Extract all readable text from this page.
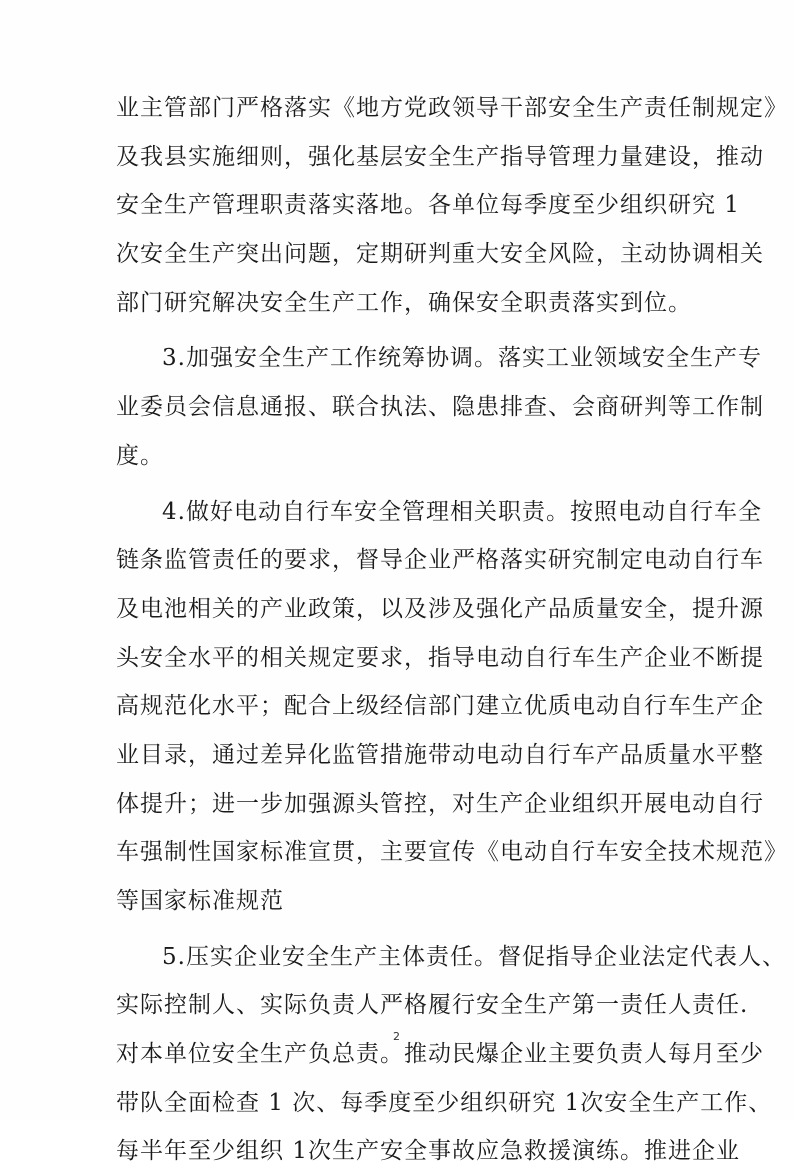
业主管部门严格落实《地方党政领导干部安全生产责任制规定》
及我县实施细则，强化基层安全生产指导管理力量建设，推动
安全生产管理职责落实落地。各单位每季度至少组织研究 1
次安全生产突出问题，定期研判重大安全风险，主动协调相关
部门研究解决安全生产工作，确保安全职责落实到位。
3.加强安全生产工作统筹协调。落实工业领域安全生产专
业委员会信息通报、联合执法、隐患排查、会商研判等工作制
度。
4.做好电动自行车安全管理相关职责。按照电动自行车全
链条监管责任的要求，督导企业严格落实研究制定电动自行车
及电池相关的产业政策，以及涉及强化产品质量安全，提升源
头安全水平的相关规定要求，指导电动自行车生产企业不断提
高规范化水平；配合上级经信部门建立优质电动自行车生产企
业目录，通过差异化监管措施带动电动自行车产品质量水平整
体提升；进一步加强源头管控，对生产企业组织开展电动自行
车强制性国家标准宣贯，主要宣传《电动自行车安全技术规范》
等国家标准规范
5.压实企业安全生产主体责任。督促指导企业法定代表人、
实际控制人、实际负责人严格履行安全生产第一责任人责任.
对本单位安全生产负总责。推动民爆企业主要负责人每月至少
带队全面检查 1 次、每季度至少组织研究 1次安全生产工作、
每半年至少组织 1次生产安全事故应急救援演练。推进企业
2
